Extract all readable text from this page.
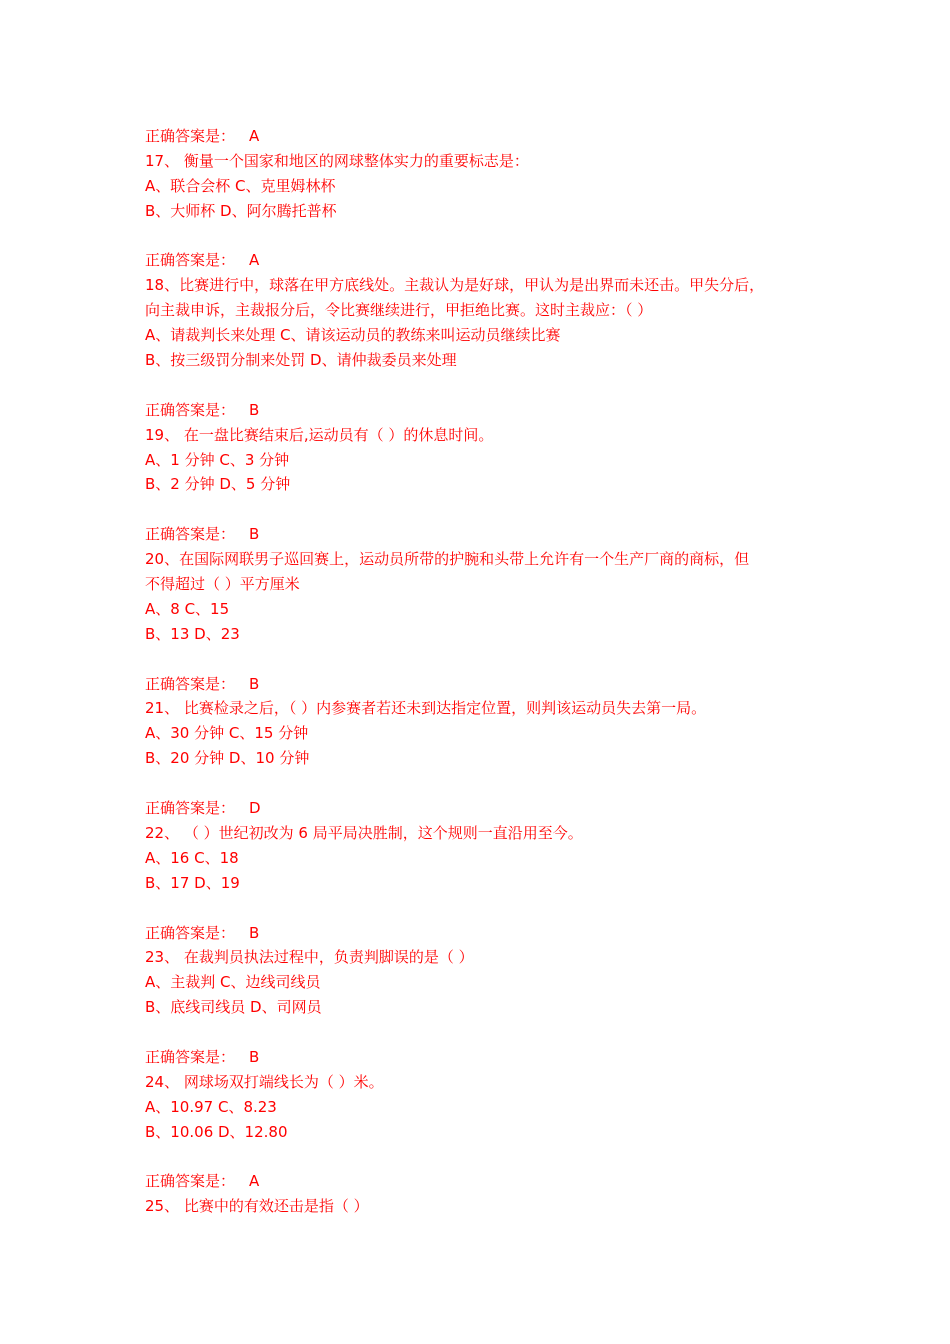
正确答案是： A
17、 衡量一个国家和地区的网球整体实力的重要标志是：
A、联合会杯 C、克里姆林杯
B、大师杯 D、阿尔腾托普杯
正确答案是： A
18、比赛进行中，球落在甲方底线处。主裁认为是好球，甲认为是出界而未还击。甲失分后，
向主裁申诉，主裁报分后，令比赛继续进行，甲拒绝比赛。这时主裁应：（ ）
A、请裁判长来处理 C、请该运动员的教练来叫运动员继续比赛
B、按三级罚分制来处罚 D、请仲裁委员来处理
正确答案是： B
19、 在一盘比赛结束后,运动员有（ ）的休息时间。
A、1 分钟 C、3 分钟
B、2 分钟 D、5 分钟
正确答案是： B
20、在国际网联男子巡回赛上，运动员所带的护腕和头带上允许有一个生产厂商的商标，但
不得超过（ ）平方厘米
A、8 C、15
B、13 D、23
正确答案是： B
21、 比赛检录之后，（ ）内参赛者若还未到达指定位置，则判该运动员失去第一局。
A、30 分钟 C、15 分钟
B、20 分钟 D、10 分钟
正确答案是： D
22、 （ ）世纪初改为 6 局平局决胜制，这个规则一直沿用至今。
A、16 C、18
B、17 D、19
正确答案是： B
23、 在裁判员执法过程中，负责判脚误的是（ ）
A、主裁判 C、边线司线员
B、底线司线员 D、司网员
正确答案是： B
24、 网球场双打端线长为（ ）米。
A、10.97 C、8.23
B、10.06 D、12.80
正确答案是： A
25、 比赛中的有效还击是指（ ）
